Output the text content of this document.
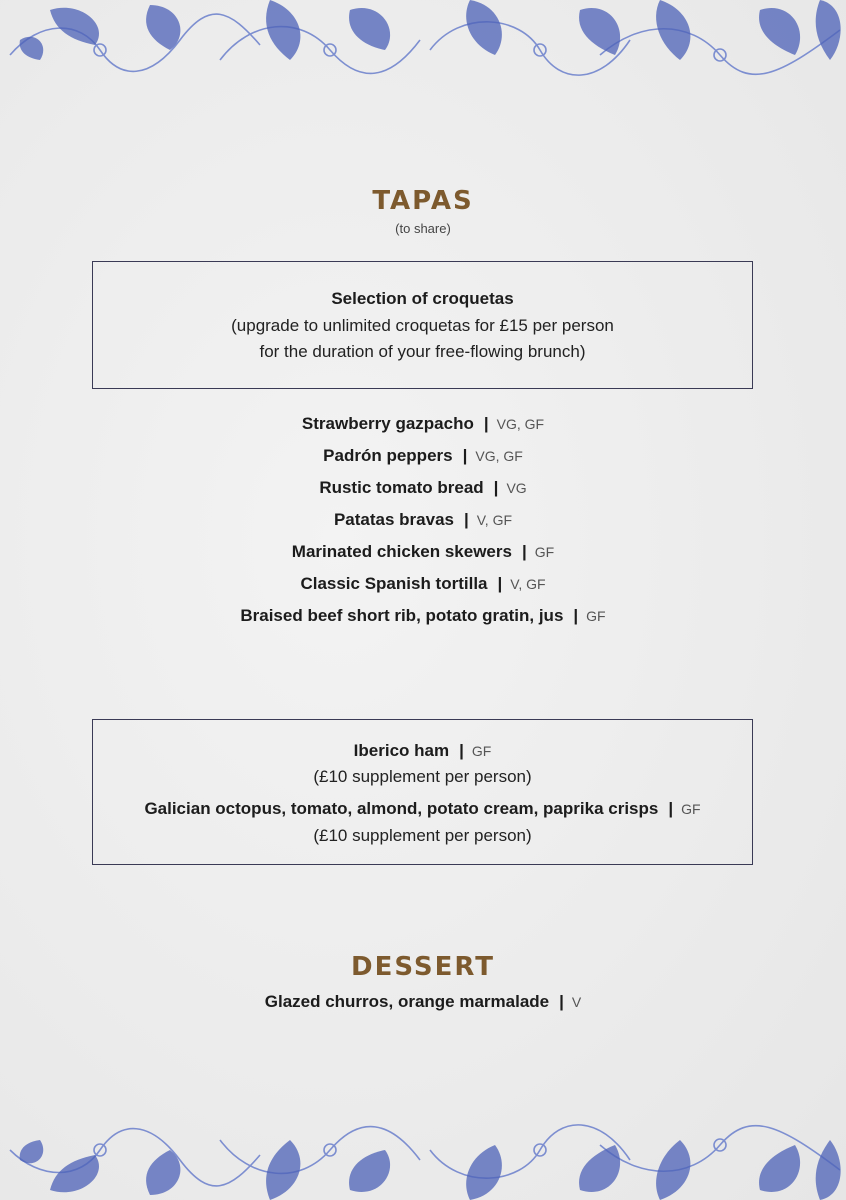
TAPAS
(to share)
Selection of croquetas
(upgrade to unlimited croquetas for £15 per person
for the duration of your free-flowing brunch)
Strawberry gazpacho | VG, GF
Padrón peppers | VG, GF
Rustic tomato bread | VG
Patatas bravas | V, GF
Marinated chicken skewers | GF
Classic Spanish tortilla | V, GF
Braised beef short rib, potato gratin, jus | GF
Iberico ham | GF
(£10 supplement per person)
Galician octopus, tomato, almond, potato cream, paprika crisps | GF
(£10 supplement per person)
DESSERT
Glazed churros, orange marmalade | V
